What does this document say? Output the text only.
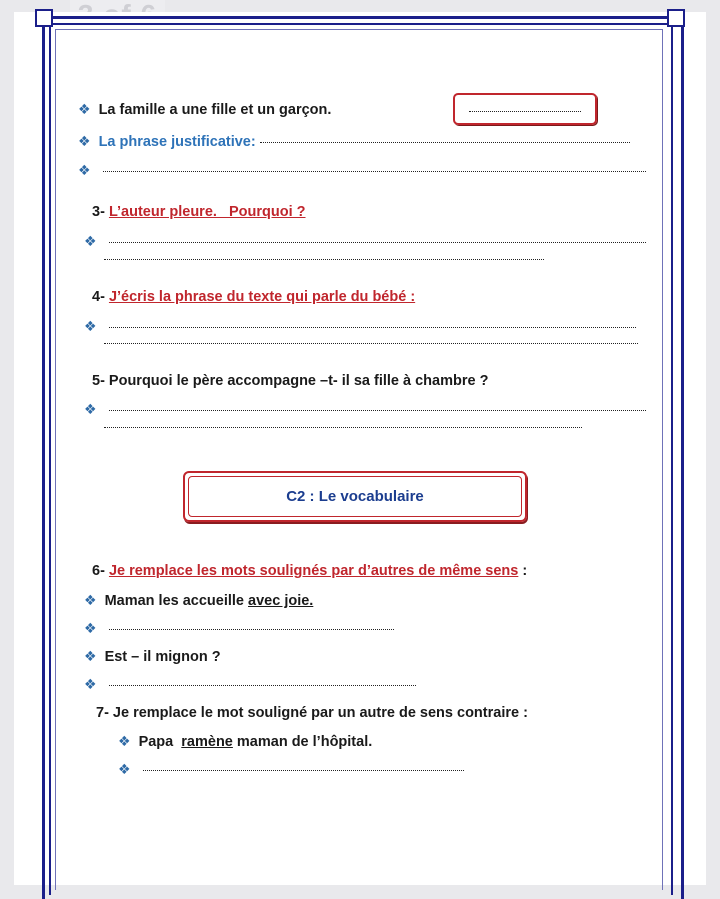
❖ La famille a une fille et un garçon.
❖ La phrase justificative:
❖
3-
L’auteur pleure.   Pourquoi ?
❖
4-
J’écris la phrase du texte qui parle du bébé :
❖
5- Pourquoi le père accompagne –t- il sa fille à chambre ?
❖
C2 : Le vocabulaire
6-
Je remplace les mots soulignés par d’autres de même sens :
❖ Maman les accueille avec joie.
❖
❖ Est – il mignon ?
❖
7- Je remplace le mot souligné par un autre de sens contraire :
❖ Papa ramène maman de l’hôpital.
❖
